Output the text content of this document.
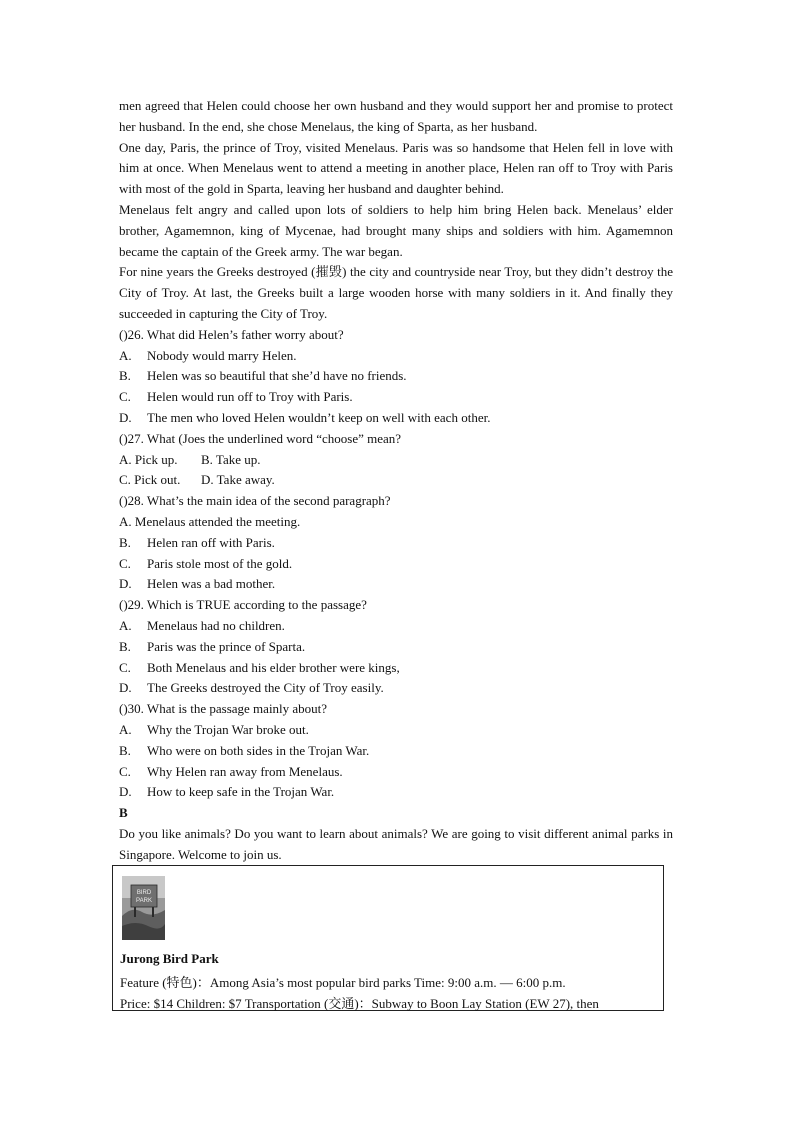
men agreed that Helen could choose her own husband and they would support her and promise to protect her husband. In the end, she chose Menelaus, the king of Sparta, as her husband.

One day, Paris, the prince of Troy, visited Menelaus. Paris was so handsome that Helen fell in love with him at once. When Menelaus went to attend a meeting in another place, Helen ran off to Troy with Paris with most of the gold in Sparta, leaving her husband and daughter behind.

Menelaus felt angry and called upon lots of soldiers to help him bring Helen back. Menelaus’ elder brother, Agamemnon, king of Mycenae, had brought many ships and soldiers with him. Agamemnon became the captain of the Greek army. The war began.

For nine years the Greeks destroyed (摧毁) the city and countryside near Troy, but they didn’t destroy the City of Troy. At last, the Greeks built a large wooden horse with many soldiers in it. And finally they succeeded in capturing the City of Troy.

()26. What did Helen’s father worry about?

A.	Nobody would marry Helen.
B.	Helen was so beautiful that she’d have no friends.
C.	Helen would run off to Troy with Paris.
D.	The men who loved Helen wouldn’t keep on well with each other.

()27. What (Joes the underlined word “choose” mean?

A. Pick up. B. Take up.
C. Pick out. D. Take away.

()28. What’s the main idea of the second paragraph?

A. Menelaus attended the meeting.

B.	Helen ran off with Paris.
C.	Paris stole most of the gold.
D.	Helen was a bad mother.

()29. Which is TRUE according to the passage?

A.	Menelaus had no children.
B.	Paris was the prince of Sparta.
C.	Both Menelaus and his elder brother were kings,
D.	The Greeks destroyed the City of Troy easily.

()30. What is the passage mainly about?

A.	Why the Trojan War broke out.
B.	Who were on both sides in the Trojan War.
C.	Why Helen ran away from Menelaus.
D.	How to keep safe in the Trojan War.

B

Do you like animals? Do you want to learn about animals? We are going to visit different animal parks in Singapore. Welcome to join us.

BIRD
PARK
Jurong Bird Park
Feature (特色)：Among Asia’s most popular bird parks Time: 9:00 a.m. — 6:00 p.m.
Price: $14 Children: $7 Transportation (交通)：Subway to Boon Lay Station (EW 27), then
